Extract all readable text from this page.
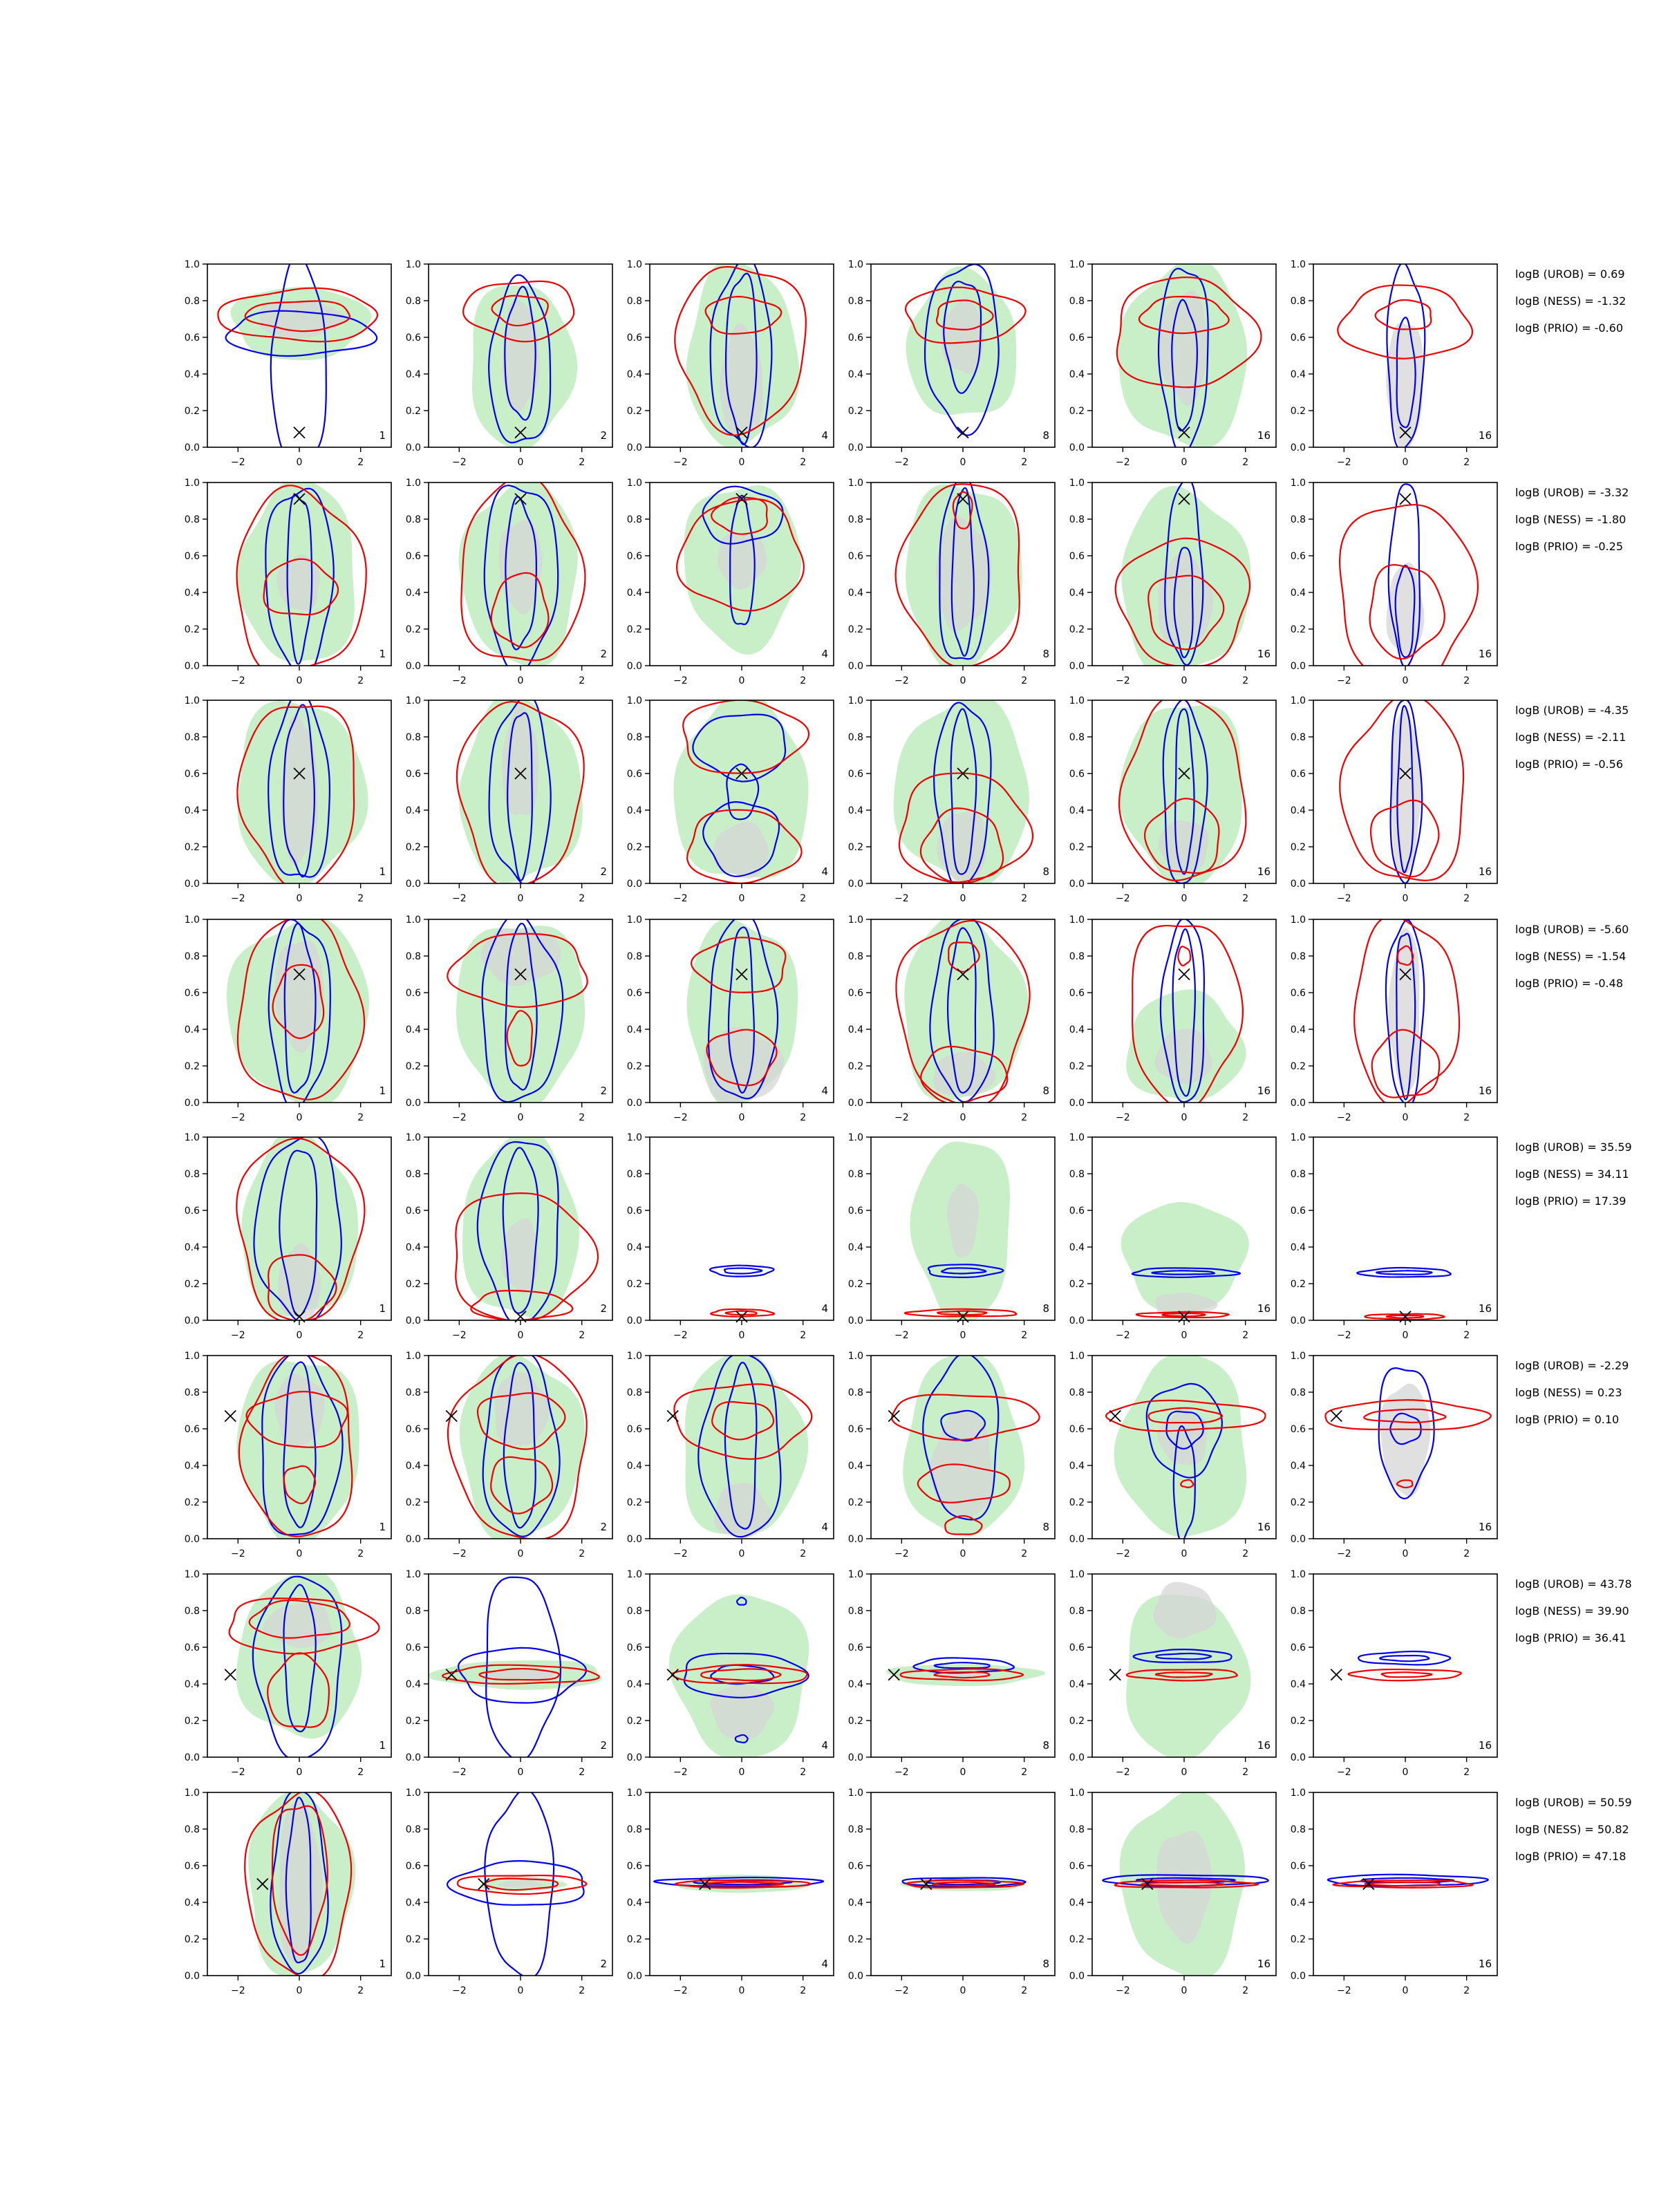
−2	0	2
0.0
0.2
0.4
0.6
0.8
1.0
1
−2	0	2
0.0
0.2
0.4
0.6
0.8
1.0
2
−2	0	2
0.0
0.2
0.4
0.6
0.8
1.0
4
−2	0	2
0.0
0.2
0.4
0.6
0.8
1.0
8
−2	0	2
0.0
0.2
0.4
0.6
0.8
1.0
16
−2	0	2
0.0
0.2
0.4
0.6
0.8
1.0
16
logB (UROB) = 0.69
logB (NESS) = -1.32
logB (PRIO) = -0.60
−2	0	2
0.0
0.2
0.4
0.6
0.8
1.0
1
−2	0	2
0.0
0.2
0.4
0.6
0.8
1.0
2
−2	0	2
0.0
0.2
0.4
0.6
0.8
1.0
4
−2	0	2
0.0
0.2
0.4
0.6
0.8
1.0
8
−2	0	2
0.0
0.2
0.4
0.6
0.8
1.0
16
−2	0	2
0.0
0.2
0.4
0.6
0.8
1.0
16
logB (UROB) = -3.32
logB (NESS) = -1.80
logB (PRIO) = -0.25
−2	0	2
0.0
0.2
0.4
0.6
0.8
1.0
1
−2	0	2
0.0
0.2
0.4
0.6
0.8
1.0
2
−2	0	2
0.0
0.2
0.4
0.6
0.8
1.0
4
−2	0	2
0.0
0.2
0.4
0.6
0.8
1.0
8
−2	0	2
0.0
0.2
0.4
0.6
0.8
1.0
16
−2	0	2
0.0
0.2
0.4
0.6
0.8
1.0
16
logB (UROB) = -4.35
logB (NESS) = -2.11
logB (PRIO) = -0.56
−2	0	2
0.0
0.2
0.4
0.6
0.8
1.0
1
−2	0	2
0.0
0.2
0.4
0.6
0.8
1.0
2
−2	0	2
0.0
0.2
0.4
0.6
0.8
1.0
4
−2	0	2
0.0
0.2
0.4
0.6
0.8
1.0
8
−2	0	2
0.0
0.2
0.4
0.6
0.8
1.0
16
−2	0	2
0.0
0.2
0.4
0.6
0.8
1.0
16
logB (UROB) = -5.60
logB (NESS) = -1.54
logB (PRIO) = -0.48
−2	0	2
0.0
0.2
0.4
0.6
0.8
1.0
1
−2	0	2
0.0
0.2
0.4
0.6
0.8
1.0
2
−2	0	2
0.0
0.2
0.4
0.6
0.8
1.0
4
−2	0	2
0.0
0.2
0.4
0.6
0.8
1.0
8
−2	0	2
0.0
0.2
0.4
0.6
0.8
1.0
16
−2	0	2
0.0
0.2
0.4
0.6
0.8
1.0
16
logB (UROB) = 35.59
logB (NESS) = 34.11
logB (PRIO) = 17.39
−2	0	2
0.0
0.2
0.4
0.6
0.8
1.0
1
−2	0	2
0.0
0.2
0.4
0.6
0.8
1.0
2
−2	0	2
0.0
0.2
0.4
0.6
0.8
1.0
4
−2	0	2
0.0
0.2
0.4
0.6
0.8
1.0
8
−2	0	2
0.0
0.2
0.4
0.6
0.8
1.0
16
−2	0	2
0.0
0.2
0.4
0.6
0.8
1.0
16
logB (UROB) = -2.29
logB (NESS) = 0.23
logB (PRIO) = 0.10
−2	0	2
0.0
0.2
0.4
0.6
0.8
1.0
1
−2	0	2
0.0
0.2
0.4
0.6
0.8
1.0
2
−2	0	2
0.0
0.2
0.4
0.6
0.8
1.0
4
−2	0	2
0.0
0.2
0.4
0.6
0.8
1.0
8
−2	0	2
0.0
0.2
0.4
0.6
0.8
1.0
16
−2	0	2
0.0
0.2
0.4
0.6
0.8
1.0
16
logB (UROB) = 43.78
logB (NESS) = 39.90
logB (PRIO) = 36.41
−2	0	2
0.0
0.2
0.4
0.6
0.8
1.0
1
−2	0	2
0.0
0.2
0.4
0.6
0.8
1.0
2
−2	0	2
0.0
0.2
0.4
0.6
0.8
1.0
4
−2	0	2
0.0
0.2
0.4
0.6
0.8
1.0
8
−2	0	2
0.0
0.2
0.4
0.6
0.8
1.0
16
−2	0	2
0.0
0.2
0.4
0.6
0.8
1.0
16
logB (UROB) = 50.59
logB (NESS) = 50.82
logB (PRIO) = 47.18
